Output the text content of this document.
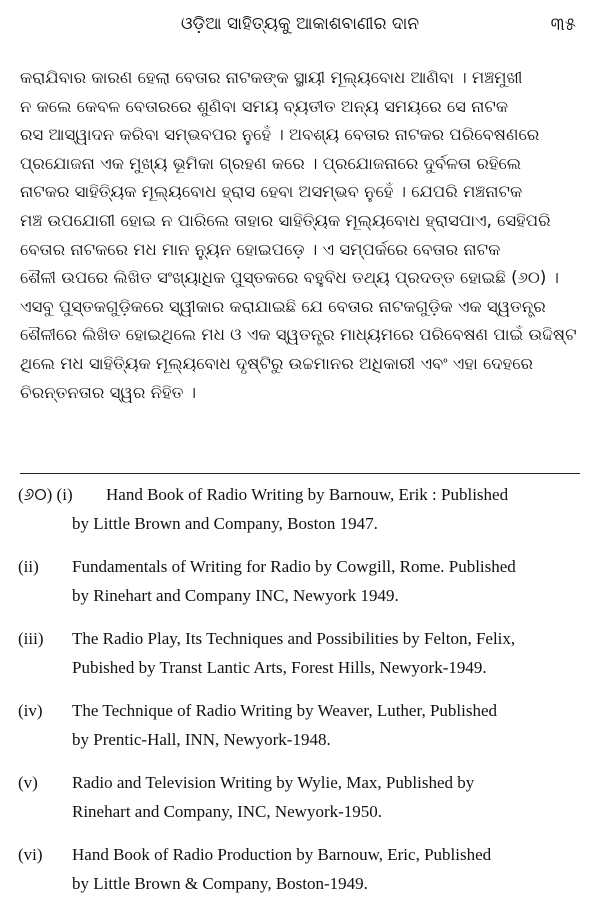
ଓଡ଼ିଆ ସାହିତ୍ୟକୁ ଆକାଶବାଣୀର ଦାନ	୩୫
କରାଯିବାର କାରଣ ହେଲା ବେତାର ନାଟକଙ୍କ ସ୍ଥାୟୀ ମୂଲ୍ୟବୋଧ ଆଣିବା । ମଞ୍ଚମୁଖୀ
ନ କଲେ କେବଳ ବେତାରରେ ଶୁଣିବା ସମୟ ବ୍ୟତୀତ ଅନ୍ୟ ସମୟରେ ସେ ନାଟକ
ରସ ଆସ୍ୱାଦନ କରିବା ସମ୍ଭବପର ନୁହେଁ । ଅବଶ୍ୟ ବେତାର ନାଟକର ପରିବେଷଣରେ
ପ୍ରଯୋଜନା ଏକ ମୁଖ୍ୟ ଭୂମିକା ଗ୍ରହଣ କରେ । ପ୍ରଯୋଜନାରେ ଦୁର୍ବଳତା ରହିଲେ
ନାଟକର ସାହିତ୍ୟିକ ମୂଲ୍ୟବୋଧ ହ୍ରାସ ହେବା ଅସମ୍ଭବ ନୁହେଁ । ଯେପରି ମଞ୍ଚନାଟକ
ମଞ୍ଚ ଉପଯୋଗୀ ହୋଇ ନ ପାରିଲେ ତାହାର ସାହିତ୍ୟିକ ମୂଲ୍ୟବୋଧ ହ୍ରାସପାଏ, ସେହିପରି
ବେତାର ନାଟକରେ ମଧ ମାନ ନ୍ୟୁନ ହୋଇପଡ଼େ । ଏ ସମ୍ପର୍କରେ ବେତାର ନାଟକ
ଶୈଳୀ ଉପରେ ଲିଖିତ ସଂଖ୍ୟାଧିକ ପୁସ୍ତକରେ ବହୁବିଧ ତଥ୍ୟ ପ୍ରଦତ୍ତ ହୋଇଛି (୬୦) ।
ଏସବୁ ପୁସ୍ତକଗୁଡ଼ିକରେ ସ୍ୱୀକାର କରାଯାଇଛି ଯେ ବେତାର ନାଟକଗୁଡ଼ିକ ଏକ ସ୍ୱତନ୍ତ୍ର
ଶୈଳୀରେ ଲିଖିତ ହୋଇଥିଲେ ମଧ ଓ ଏକ ସ୍ୱତନ୍ତ୍ର ମାଧ୍ୟମରେ ପରିବେଷଣ ପାଇଁ ଉଦ୍ଦିଷ୍ଟ
ଥିଲେ ମଧ ସାହିତ୍ୟିକ ମୂଲ୍ୟବୋଧ ଦୃଷ୍ଟିରୁ ଉଚ୍ଚମାନର ଅଧିକାରୀ ଏବଂ ଏହା ଦେହରେ
ଚିରନ୍ତନତାର ସ୍ୱର ନିହିତ ।
(୬୦) (i) Hand Book of Radio Writing by Barnouw, Erik : Published
by Little Brown and Company, Boston 1947.
(ii) Fundamentals of Writing for Radio by Cowgill, Rome. Published
by Rinehart and Company INC, Newyork 1949.
(iii) The Radio Play, Its Techniques and Possibilities by Felton, Felix,
Pubished by Transt Lantic Arts, Forest Hills, Newyork-1949.
(iv) The Technique of Radio Writing by Weaver, Luther, Published
by Prentic-Hall, INN, Newyork-1948.
(v) Radio and Television Writing by Wylie, Max, Published by
Rinehart and Company, INC, Newyork-1950.
(vi) Hand Book of Radio Production by Barnouw, Eric, Published
by Little Brown & Company, Boston-1949.
